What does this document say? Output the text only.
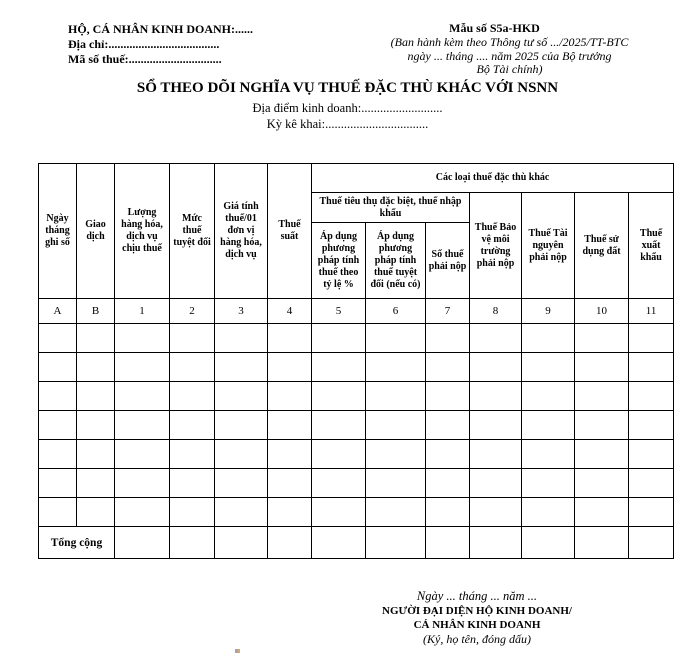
HỘ, CÁ NHÂN KINH DOANH:......
Địa chỉ:.....................................
Mã số thuế:...............................
Mẫu số S5a-HKD
(Ban hành kèm theo Thông tư số .../2025/TT-BTC
ngày ... tháng .... năm 2025 của Bộ trưởng
Bộ Tài chính)
SỔ THEO DÕI NGHĨA VỤ THUẾ ĐẶC THÙ KHÁC VỚI NSNN
Địa điểm kinh doanh:..........................
Kỳ kê khai:.................................
Ngày tháng ghi sổ	Giao dịch	Lượng hàng hóa, dịch vụ chịu thuế	Mức thuế tuyệt đối	Giá tính thuế/01 đơn vị hàng hóa, dịch vụ	Thuế suất	Các loại thuế đặc thù khác						
						Thuế tiêu thụ đặc biệt, thuế nhập khẩu			Thuế Bảo vệ môi trường phải nộp	Thuế Tài nguyên phải nộp	Thuế sử dụng đất	Thuế xuất khẩu
						Áp dụng phương pháp tính thuế theo tỷ lệ %	Áp dụng phương pháp tính thuế tuyệt đối (nếu có)	Số thuế phải nộp				
A	B	1	2	3	4	5	6	7	8	9	10	11

Tổng cộng												
Ngày ... tháng ... năm ...
NGƯỜI ĐẠI DIỆN HỘ KINH DOANH/
CÁ NHÂN KINH DOANH
(Ký, họ tên, đóng dấu)
